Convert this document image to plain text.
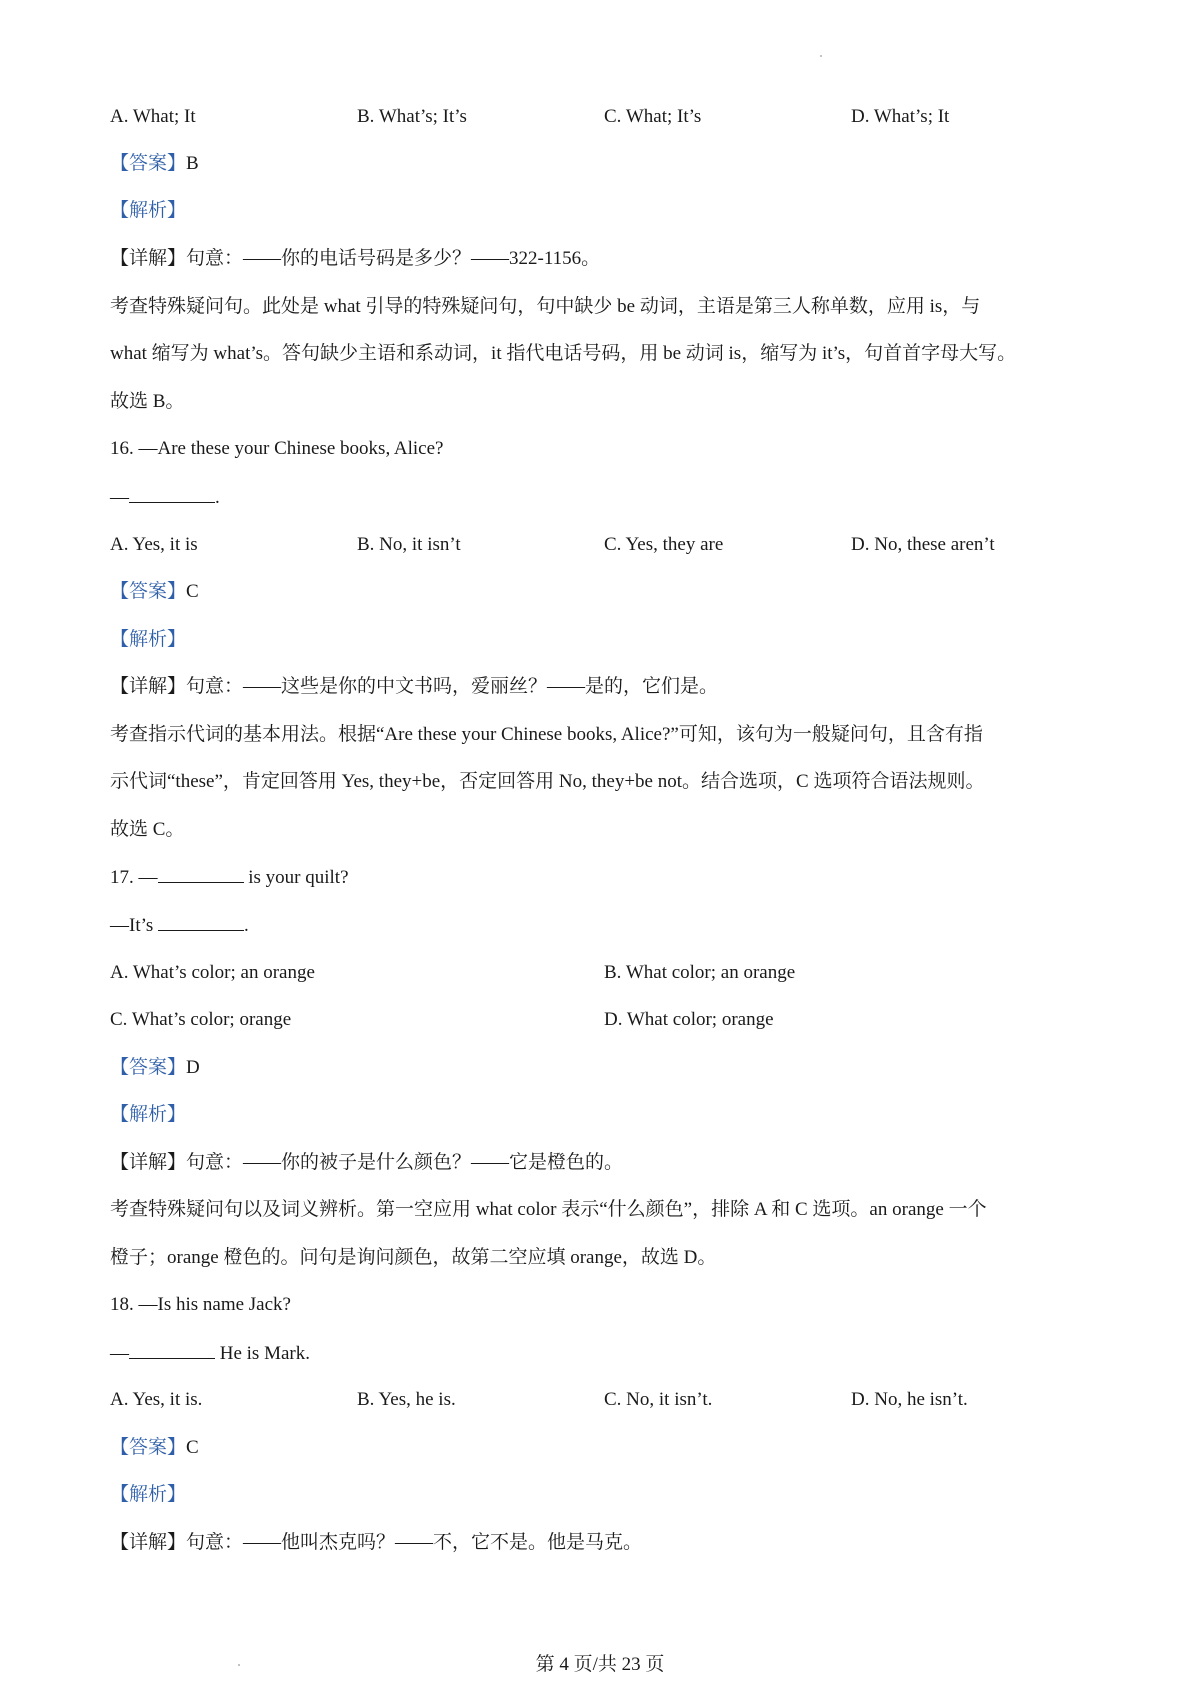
A. What; It	B. What’s; It’s	C. What; It’s	D. What’s; It
【答案】B
【解析】
【详解】句意：——你的电话号码是多少？——322-1156。
考查特殊疑问句。此处是 what 引导的特殊疑问句，句中缺少 be 动词，主语是第三人称单数，应用 is，与
what 缩写为 what’s。答句缺少主语和系动词，it 指代电话号码，用 be 动词 is，缩写为 it’s，句首首字母大写。
故选 B。
16. —Are these your Chinese books, Alice?
—	.
A. Yes, it is	B. No, it isn’t	C. Yes, they are	D. No, these aren’t
【答案】C
【解析】
【详解】句意：——这些是你的中文书吗，爱丽丝？——是的，它们是。
考查指示代词的基本用法。根据“Are these your Chinese books, Alice?”可知，该句为一般疑问句，且含有指
示代词“these”，肯定回答用 Yes, they+be，否定回答用 No, they+be not。结合选项，C 选项符合语法规则。
故选 C。
17. —	is your quilt?
—It’s	.
A. What’s color; an orange	B. What color; an orange
C. What’s color; orange	D. What color; orange
【答案】D
【解析】
【详解】句意：——你的被子是什么颜色？——它是橙色的。
考查特殊疑问句以及词义辨析。第一空应用 what color 表示“什么颜色”，排除 A 和 C 选项。an orange 一个
橙子；orange 橙色的。问句是询问颜色，故第二空应填 orange，故选 D。
18. —Is his name Jack?
—	He is Mark.
A. Yes, it is.	B. Yes, he is.	C. No, it isn’t.	D. No, he isn’t.
【答案】C
【解析】
【详解】句意：——他叫杰克吗？——不，它不是。他是马克。
第 4 页/共 23 页
